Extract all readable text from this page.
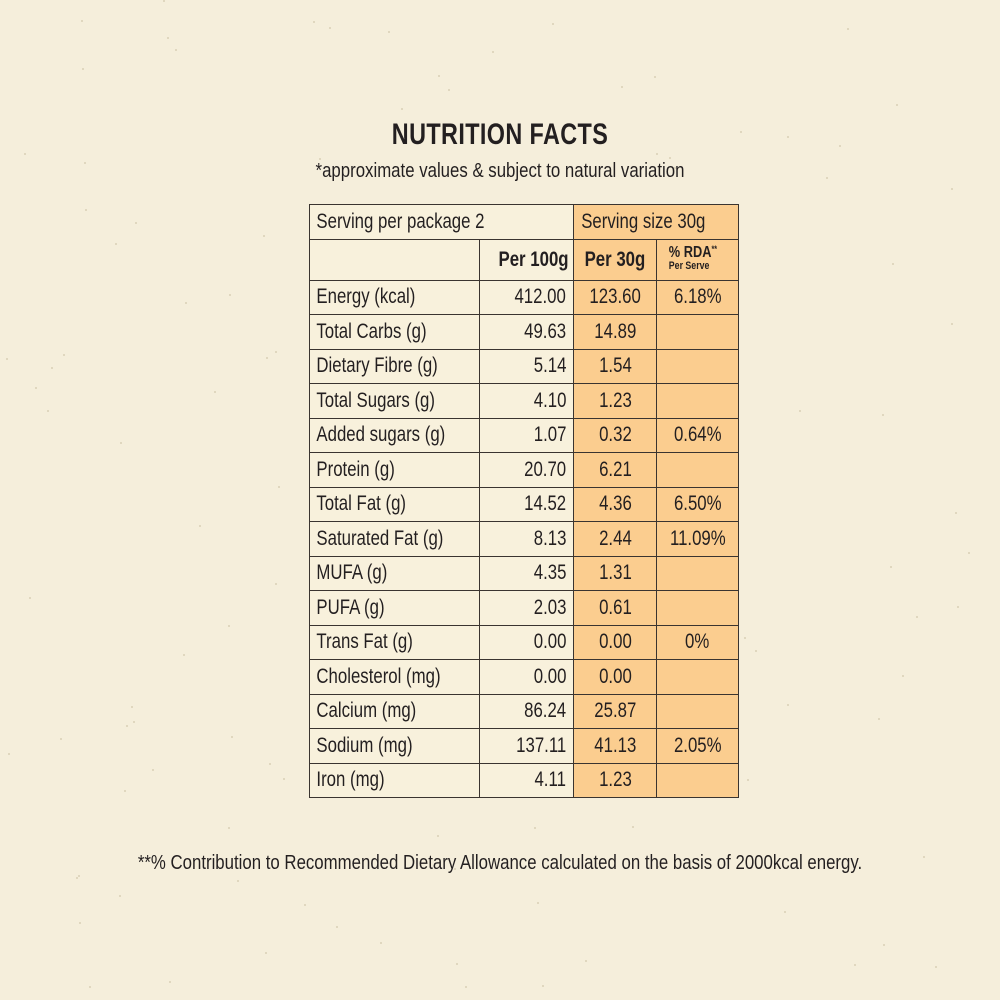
NUTRITION FACTS
*approximate values & subject to natural variation
Serving per package 2		Serving size 30g	
	Per 100g	Per 30g	% RDA**
Per Serve

Energy (kcal)	412.00	123.60	6.18%
Total Carbs (g)	49.63	14.89	
Dietary Fibre (g)	5.14	1.54	
Total Sugars (g)	4.10	1.23	
Added sugars (g)	1.07	0.32	0.64%
Protein (g)	20.70	6.21	
Total Fat (g)	14.52	4.36	6.50%
Saturated Fat (g)	8.13	2.44	11.09%
MUFA (g)	4.35	1.31	
PUFA (g)	2.03	0.61	
Trans Fat (g)	0.00	0.00	0%
Cholesterol (mg)	0.00	0.00	
Calcium (mg)	86.24	25.87	
Sodium (mg)	137.11	41.13	2.05%
Iron (mg)	4.11	1.23	
**% Contribution to Recommended Dietary Allowance calculated on the basis of 2000kcal energy.
